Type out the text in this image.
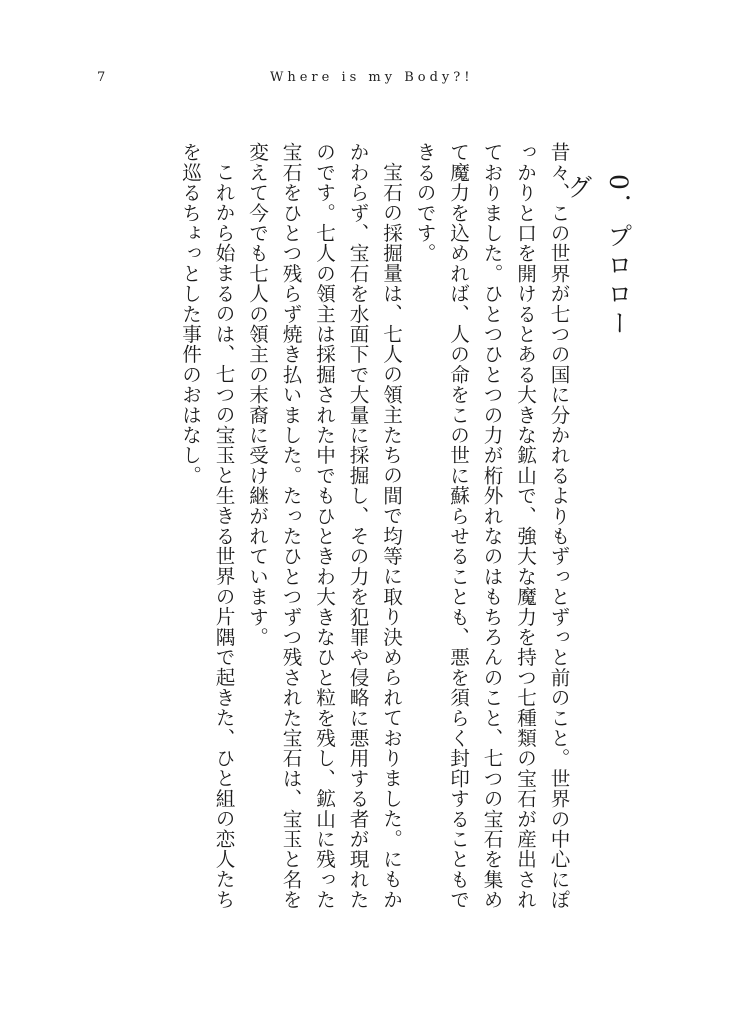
7	Where is my Body?!
0．プロローグ

昔々、この世界が七つの国に分かれるよりもずっとずっと前のこと。世界の中心にぽっかりと口を開けるとある大きな鉱山で、強大な魔力を持つ七種類の宝石が産出されておりました。ひとつひとつの力が桁外れなのはもちろんのこと、七つの宝石を集めて魔力を込めれば、人の命をこの世に蘇らせることも、悪を須らく封印することもできるのです。

宝石の採掘量は、七人の領主たちの間で均等に取り決められておりました。にもかかわらず、宝石を水面下で大量に採掘し、その力を犯罪や侵略に悪用する者が現れたのです。七人の領主は採掘された中でもひときわ大きなひと粒を残し、鉱山に残った宝石をひとつ残らず焼き払いました。たったひとつずつ残された宝石は、宝玉と名を変えて今でも七人の領主の末裔に受け継がれています。

これから始まるのは、七つの宝玉と生きる世界の片隅で起きた、ひと組の恋人たちを巡るちょっとした事件のおはなし。
